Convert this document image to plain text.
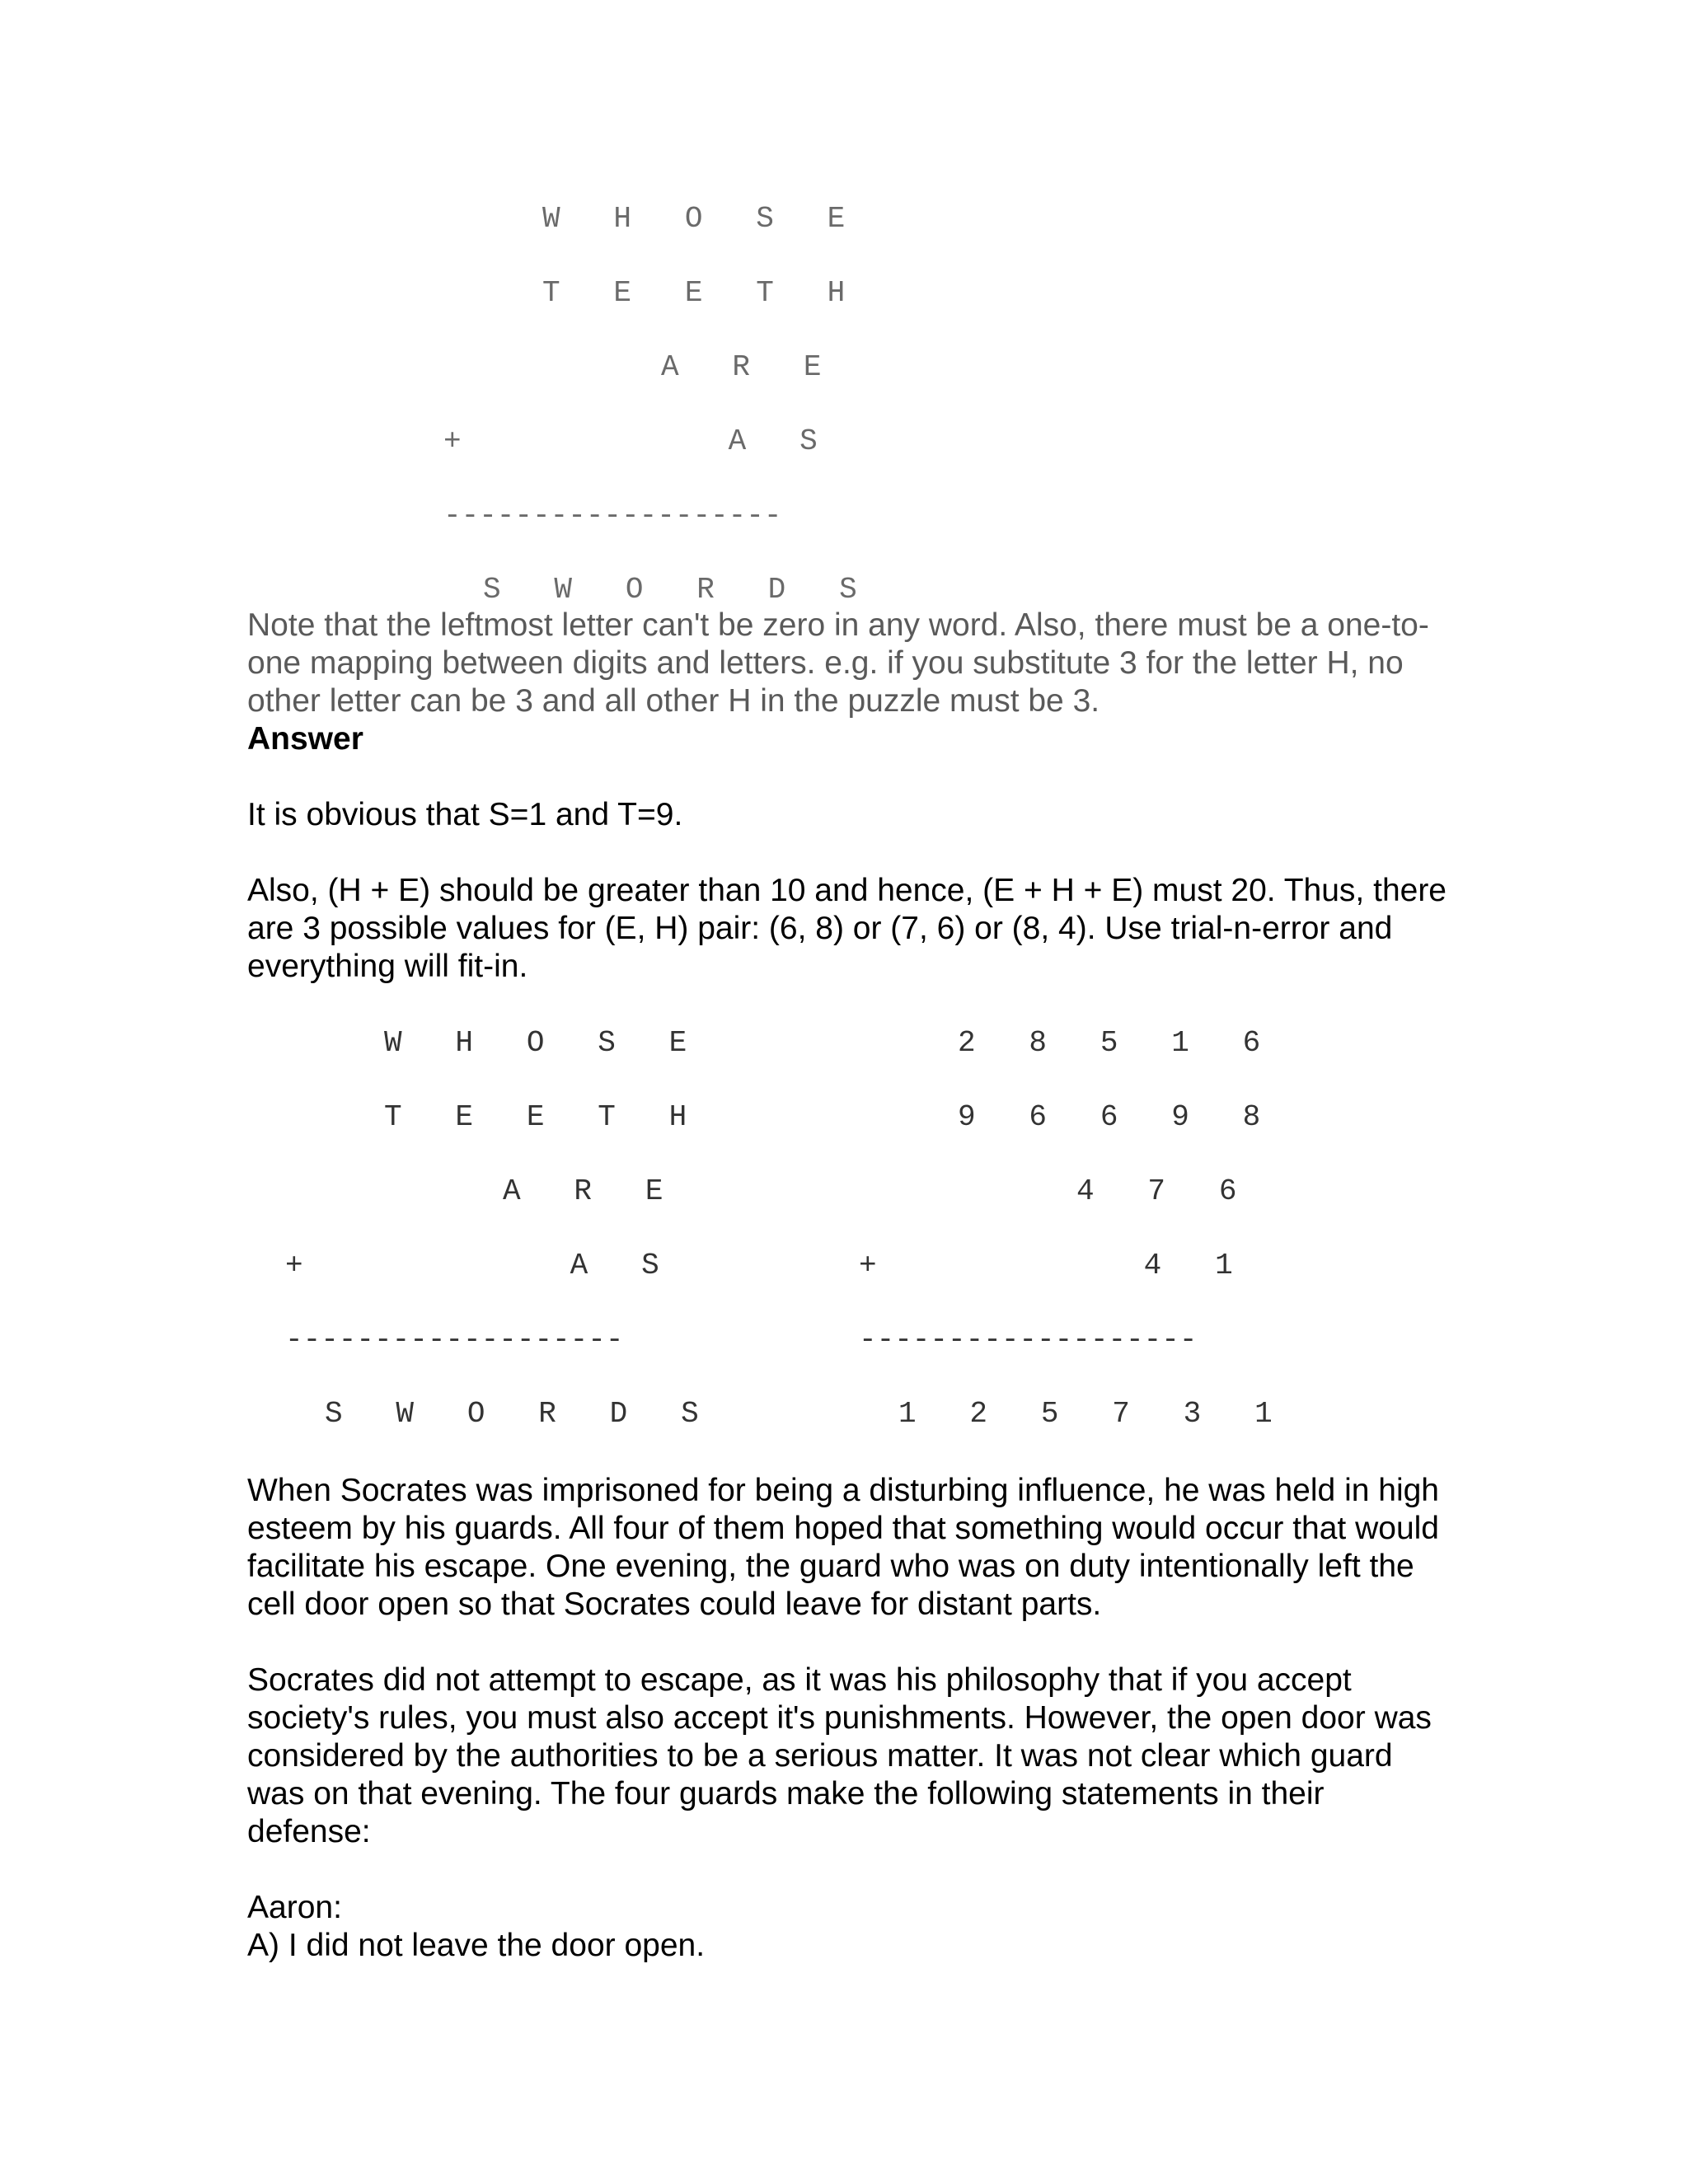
W   H   O   S   E
T   E   E   T   H
A   R   E
+               A   S
-------------------
S   W   O   R   D   S

Note that the leftmost letter can't be zero in any word. Also, there must be a one-to-one mapping between digits and letters. e.g. if you substitute 3 for the letter H, no other letter can be 3 and all other H in the puzzle must be 3.

Answer

It is obvious that S=1 and T=9.

Also, (H + E) should be greater than 10 and hence, (E + H + E) must 20. Thus, there are 3 possible values for (E, H) pair: (6, 8) or (7, 6) or (8, 4). Use trial-n-error and everything will fit-in.

W   H   O   S   E
T   E   E   T   H
A   R   E
+               A   S
-------------------
S   W   O   R   D   S
2   8   5   1   6
9   6   6   9   8
4   7   6
+               4   1
-------------------
1   2   5   7   3   1

When Socrates was imprisoned for being a disturbing influence, he was held in high esteem by his guards. All four of them hoped that something would occur that would facilitate his escape. One evening, the guard who was on duty intentionally left the cell door open so that Socrates could leave for distant parts.

Socrates did not attempt to escape, as it was his philosophy that if you accept society's rules, you must also accept it's punishments. However, the open door was considered by the authorities to be a serious matter. It was not clear which guard was on that evening. The four guards make the following statements in their defense:

Aaron:

A) I did not leave the door open.
